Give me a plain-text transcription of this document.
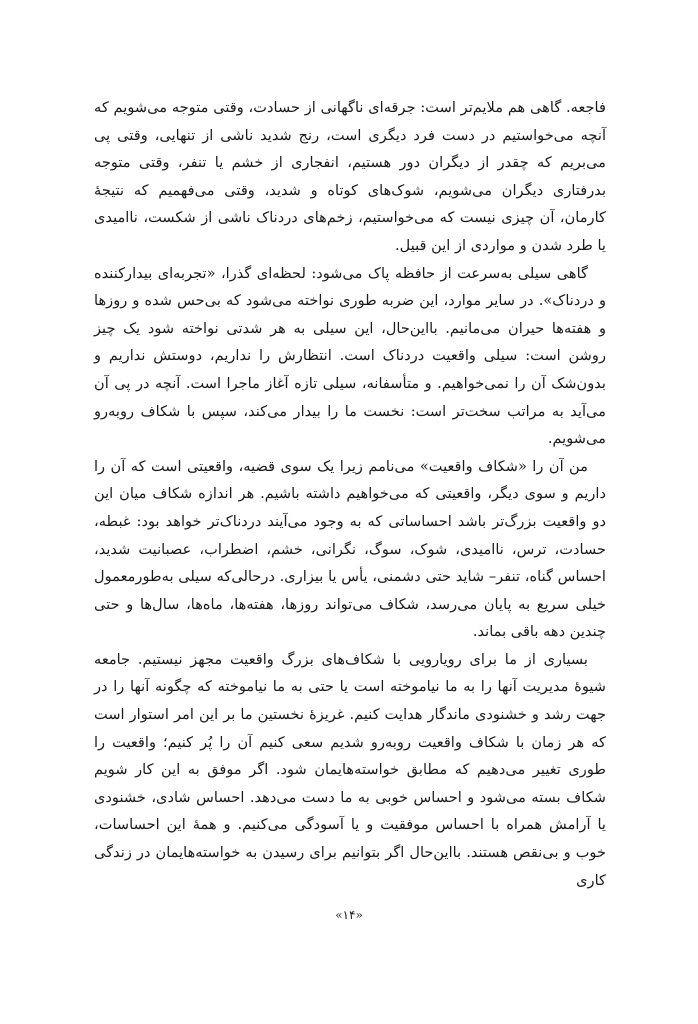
فاجعه. گاهی هم ملایم‌تر است: جرقه‌ای ناگهانی از حسادت، وقتی متوجه می‌شویم که آنچه می‌خواستیم در دست فرد دیگری است، رنج شدید ناشی از تنهایی، وقتی پی می‌بریم که چقدر از دیگران دور هستیم، انفجاری از خشم یا تنفر، وقتی متوجه بدرفتاری دیگران می‌شویم، شوک‌های کوتاه و شدید، وقتی می‌فهمیم که نتیجهٔ کارمان، آن چیزی نیست که می‌خواستیم، زخم‌های دردناک ناشی از شکست، ناامیدی یا طرد شدن و مواردی از این قبیل.

گاهی سیلی به‌سرعت از حافظه پاک می‌شود: لحظه‌ای گذرا، «تجربه‌ای بیدارکننده و دردناک». در سایر موارد، این ضربه طوری نواخته می‌شود که بی‌حس شده و روزها و هفته‌ها حیران می‌مانیم. بااین‌حال، این سیلی به هر شدتی نواخته شود یک چیز روشن است: سیلی واقعیت دردناک است. انتظارش را نداریم، دوستش نداریم و بدون‌شک آن را نمی‌خواهیم. و متأسفانه، سیلی تازه آغاز ماجرا است. آنچه در پی آن می‌آید به مراتب سخت‌تر است: نخست ما را بیدار می‌کند، سپس با شکاف روبه‌رو می‌شویم.

من آن را «شکاف واقعیت» می‌نامم زیرا یک سوی قضیه، واقعیتی است که آن را داریم و سوی دیگر، واقعیتی که می‌خواهیم داشته باشیم. هر اندازه شکاف میان این دو واقعیت بزرگ‌تر باشد احساساتی که به وجود می‌آیند دردناک‌تر خواهد بود: غبطه، حسادت، ترس، ناامیدی، شوک، سوگ، نگرانی، خشم، اضطراب، عصبانیت شدید، احساس گناه، تنفر– شاید حتی دشمنی، یأس یا بیزاری. درحالی‌که سیلی به‌طورمعمول خیلی سریع به پایان می‌رسد، شکاف می‌تواند روزها، هفته‌ها، ماه‌ها، سال‌ها و حتی چندین دهه باقی بماند.

بسیاری از ما برای رویارویی با شکاف‌های بزرگ واقعیت مجهز نیستیم. جامعه شیوهٔ مدیریت آنها را به ما نیاموخته است یا حتی به ما نیاموخته که چگونه آنها را در جهت رشد و خشنودی ماندگار هدایت کنیم. غریزهٔ نخستین ما بر این امر استوار است که هر زمان با شکاف واقعیت روبه‌رو شدیم سعی کنیم آن را پُر کنیم؛ واقعیت را طوری تغییر می‌دهیم که مطابق خواسته‌هایمان شود. اگر موفق به این کار شویم شکاف بسته می‌شود و احساس خوبی به ما دست می‌دهد. احساس شادی، خشنودی یا آرامش همراه با احساس موفقیت و یا آسودگی می‌کنیم. و همهٔ این احساسات، خوب و بی‌نقص هستند. بااین‌حال اگر بتوانیم برای رسیدن به خواسته‌هایمان در زندگی کاری

«۱۴»
